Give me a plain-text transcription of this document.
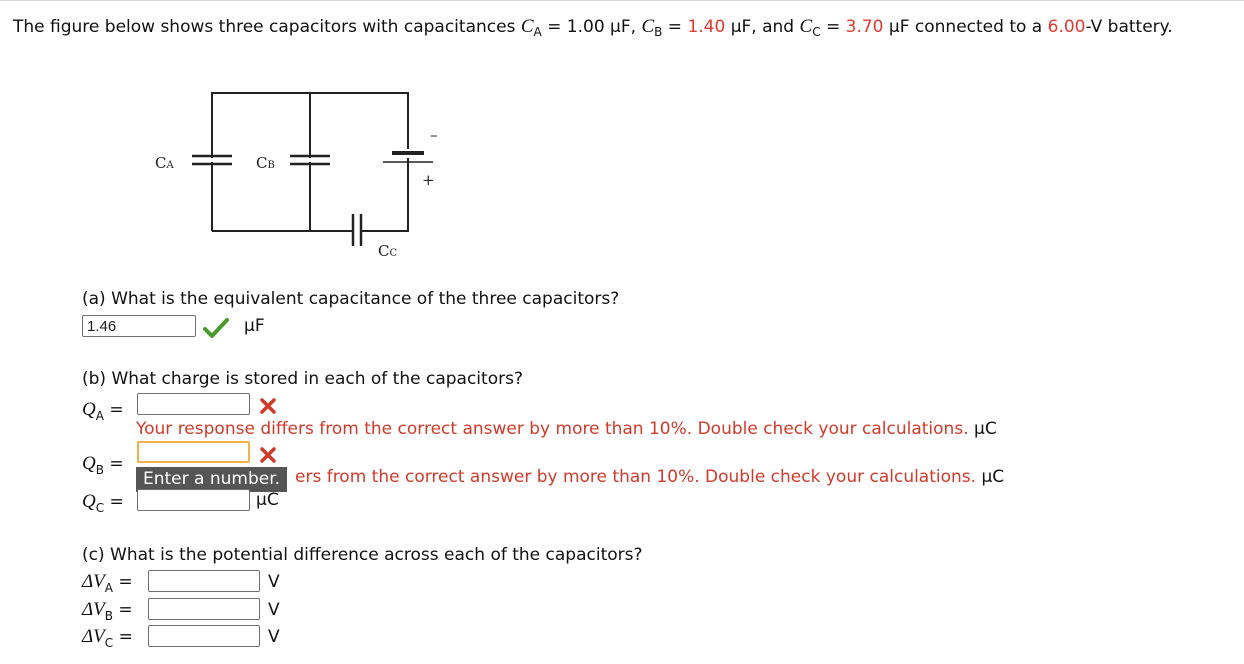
The figure below shows three capacitors with capacitances $C_A = 1.00$ µF, $C_B = 1.40$ µF, and $C_C = 3.70$ µF connected to a 6.00-V battery.
–
+
CA	CB
CC
(a) What is the equivalent capacitance of the three capacitors?
1.46	µF
(b) What charge is stored in each of the capacitors?
$Q_A$ =
Your response differs from the correct answer by more than 10%. Double check your calculations. µC
$Q_B$ =
ers from the correct answer by more than 10%. Double check your calculations. µC
Enter a number.
$Q_C$ =	µC
(c) What is the potential difference across each of the capacitors?
$\Delta V_A$ =	V
$\Delta V_B$ =	V
$\Delta V_C$ =	V
